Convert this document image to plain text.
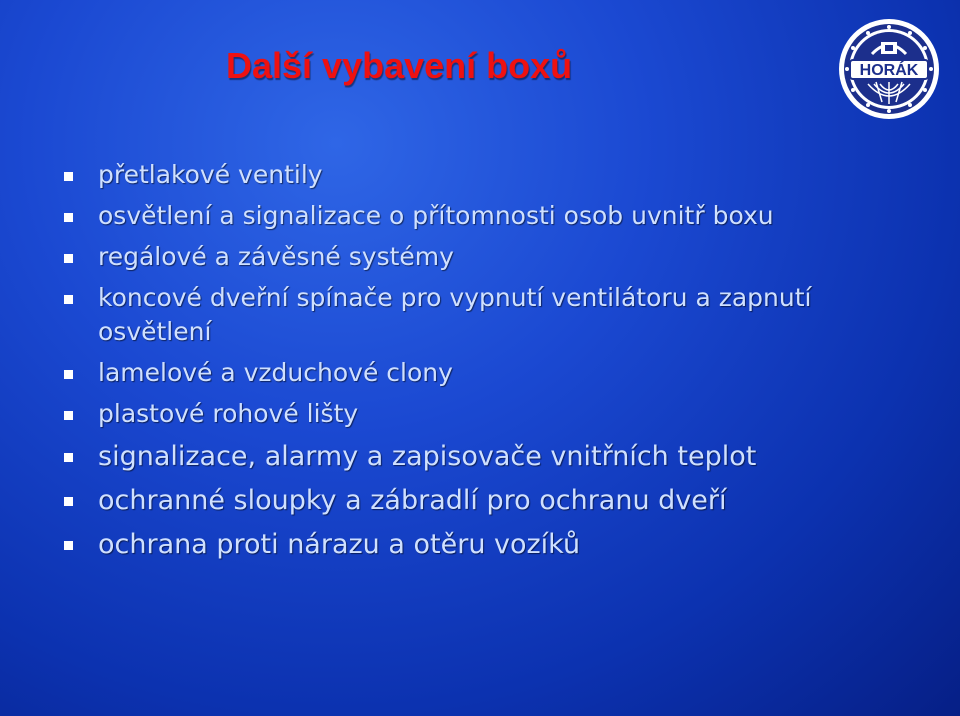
Další vybavení boxů	HORÁK
přetlakové ventily
osvětlení a signalizace o přítomnosti osob uvnitř boxu
regálové a závěsné systémy
koncové dveřní spínače pro vypnutí ventilátoru a zapnutí osvětlení
lamelové a vzduchové clony
plastové rohové lišty
signalizace, alarmy a zapisovače vnitřních teplot
ochranné sloupky a zábradlí pro ochranu dveří
ochrana proti nárazu a otěru vozíků
